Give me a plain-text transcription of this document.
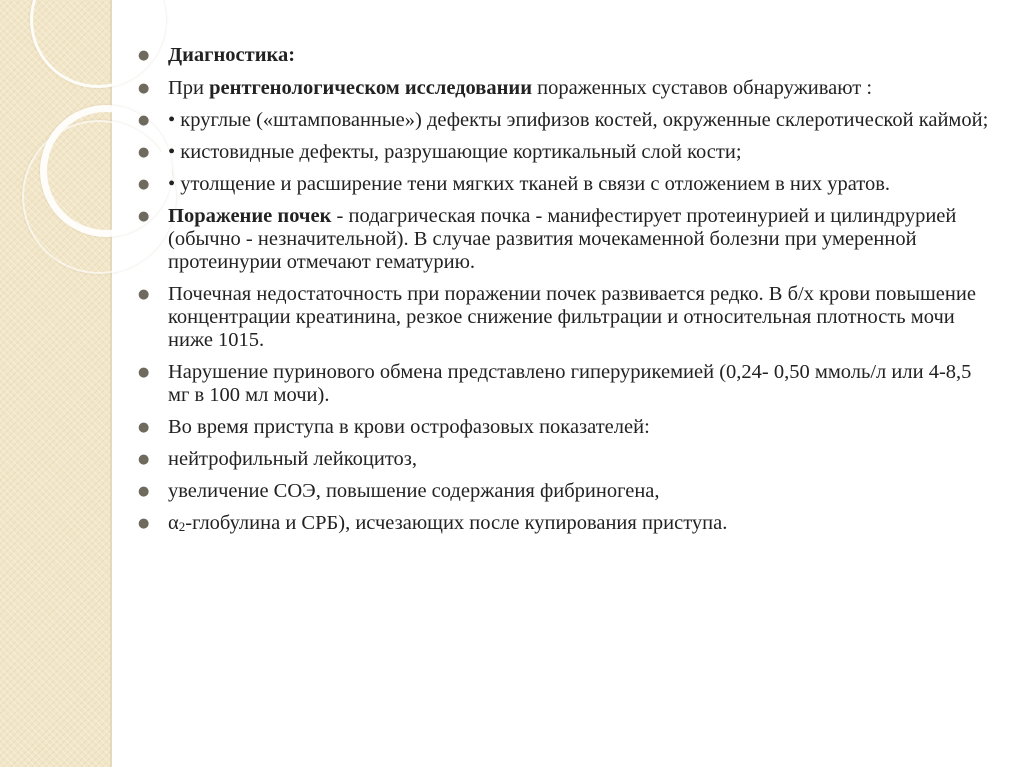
● Диагностика:
● При рентгенологическом исследовании пораженных суставов обнаруживают :
● • круглые («штампованные») дефекты эпифизов костей, окруженные склеротической каймой;
● • кистовидные дефекты, разрушающие кортикальный слой кости;
● • утолщение и расширение тени мягких тканей в связи с отложением в них уратов.
● Поражение почек - подагрическая почка - манифестирует протеинурией и цилиндрурией (обычно - незначительной). В случае развития мочекаменной болезни при умеренной протеинурии отмечают гематурию.
● Почечная недостаточность при поражении почек развивается редко. В б/х крови повышение концентрации креатинина, резкое снижение фильтрации и относительная плотность мочи ниже 1015.
● Нарушение пуринового обмена представлено гиперурикемией (0,24- 0,50 ммоль/л или 4-8,5 мг в 100 мл мочи).
● Во время приступа в крови острофазовых показателей:
● нейтрофильный лейкоцитоз,
● увеличение СОЭ, повышение содержания фибриногена,
● $\alpha_2$-глобулина и СРБ), исчезающих после купирования приступа.
